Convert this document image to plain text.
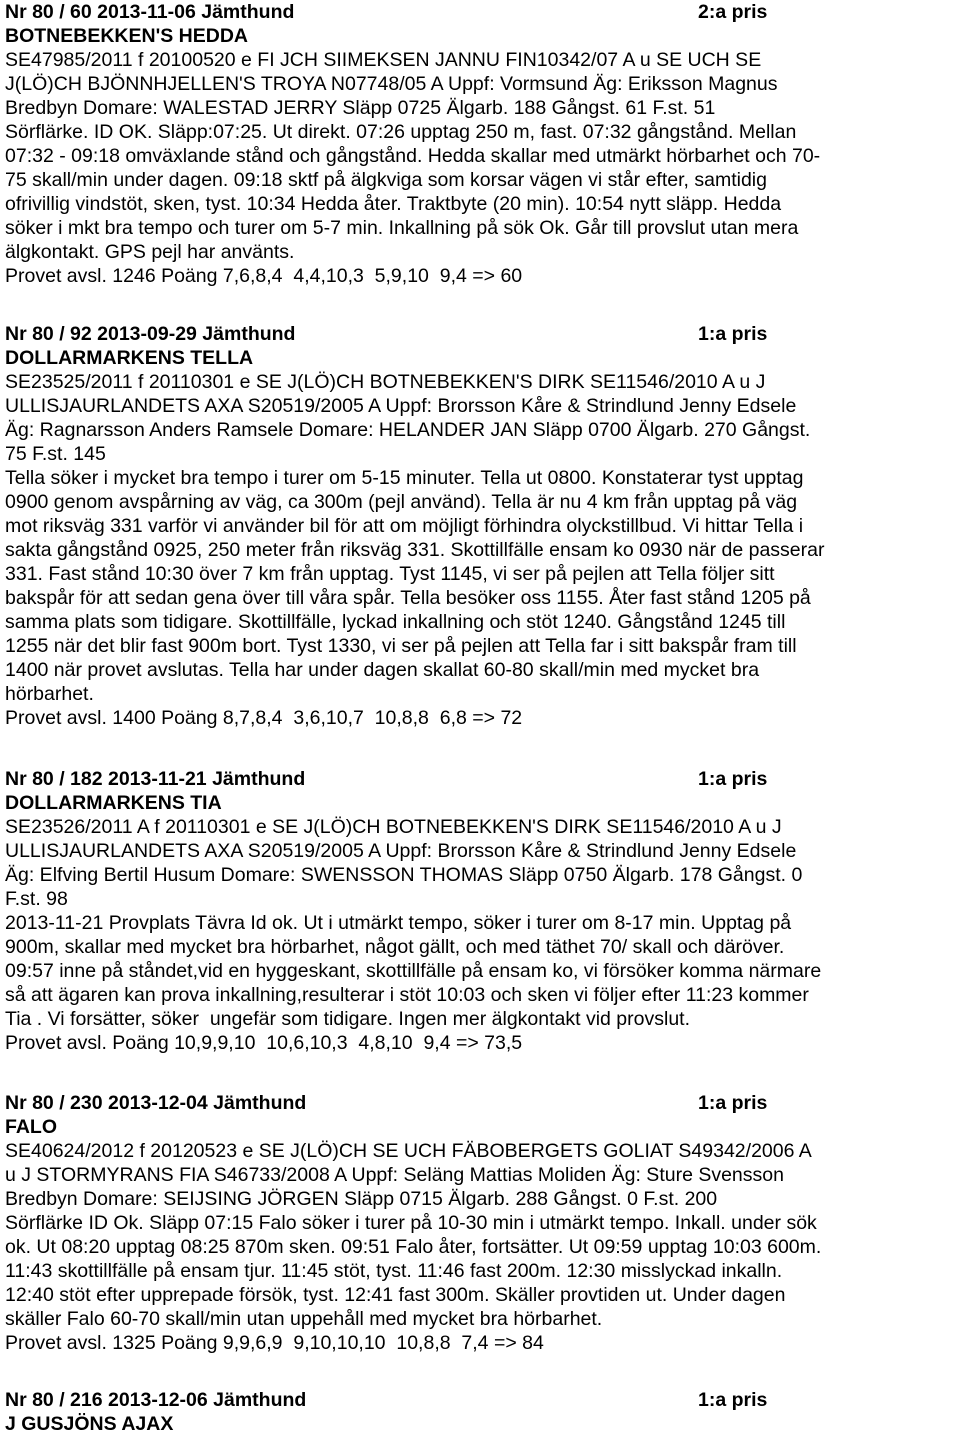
Nr 80 / 60 2013-11-06 Jämthund	2:a pris
BOTNEBEKKEN'S HEDDA
SE47985/2011 f 20100520 e FI JCH SIIMEKSEN JANNU FIN10342/07 A u SE UCH SE
J(LÖ)CH BJÖNNHJELLEN'S TROYA N07748/05 A Uppf: Vormsund Äg: Eriksson Magnus
Bredbyn Domare: WALESTAD JERRY Släpp 0725 Älgarb. 188 Gångst. 61 F.st. 51
Sörflärke. ID OK. Släpp:07:25. Ut direkt. 07:26 upptag 250 m, fast. 07:32 gångstånd. Mellan
07:32 - 09:18 omväxlande stånd och gångstånd. Hedda skallar med utmärkt hörbarhet och 70-
75 skall/min under dagen. 09:18 sktf på älgkviga som korsar vägen vi står efter, samtidig
ofrivillig vindstöt, sken, tyst. 10:34 Hedda åter. Traktbyte (20 min). 10:54 nytt släpp. Hedda
söker i mkt bra tempo och turer om 5-7 min. Inkallning på sök Ok. Går till provslut utan mera
älgkontakt. GPS pejl har använts.
Provet avsl. 1246 Poäng 7,6,8,4  4,4,10,3  5,9,10  9,4 => 60
Nr 80 / 92 2013-09-29 Jämthund	1:a pris
DOLLARMARKENS TELLA
SE23525/2011 f 20110301 e SE J(LÖ)CH BOTNEBEKKEN'S DIRK SE11546/2010 A u J
ULLISJAURLANDETS AXA S20519/2005 A Uppf: Brorsson Kåre & Strindlund Jenny Edsele
Äg: Ragnarsson Anders Ramsele Domare: HELANDER JAN Släpp 0700 Älgarb. 270 Gångst.
75 F.st. 145
Tella söker i mycket bra tempo i turer om 5-15 minuter. Tella ut 0800. Konstaterar tyst upptag
0900 genom avspårning av väg, ca 300m (pejl använd). Tella är nu 4 km från upptag på väg
mot riksväg 331 varför vi använder bil för att om möjligt förhindra olyckstillbud. Vi hittar Tella i
sakta gångstånd 0925, 250 meter från riksväg 331. Skottillfälle ensam ko 0930 när de passerar
331. Fast stånd 10:30 över 7 km från upptag. Tyst 1145, vi ser på pejlen att Tella följer sitt
bakspår för att sedan gena över till våra spår. Tella besöker oss 1155. Åter fast stånd 1205 på
samma plats som tidigare. Skottillfälle, lyckad inkallning och stöt 1240. Gångstånd 1245 till
1255 när det blir fast 900m bort. Tyst 1330, vi ser på pejlen att Tella far i sitt bakspår fram till
1400 när provet avslutas. Tella har under dagen skallat 60-80 skall/min med mycket bra
hörbarhet.
Provet avsl. 1400 Poäng 8,7,8,4  3,6,10,7  10,8,8  6,8 => 72
Nr 80 / 182 2013-11-21 Jämthund	1:a pris
DOLLARMARKENS TIA
SE23526/2011 A f 20110301 e SE J(LÖ)CH BOTNEBEKKEN'S DIRK SE11546/2010 A u J
ULLISJAURLANDETS AXA S20519/2005 A Uppf: Brorsson Kåre & Strindlund Jenny Edsele
Äg: Elfving Bertil Husum Domare: SWENSSON THOMAS Släpp 0750 Älgarb. 178 Gångst. 0
F.st. 98
2013-11-21 Provplats Tävra Id ok. Ut i utmärkt tempo, söker i turer om 8-17 min. Upptag på
900m, skallar med mycket bra hörbarhet, något gällt, och med täthet 70/ skall och däröver.
09:57 inne på ståndet,vid en hyggeskant, skottillfälle på ensam ko, vi försöker komma närmare
så att ägaren kan prova inkallning,resulterar i stöt 10:03 och sken vi följer efter 11:23 kommer
Tia . Vi forsätter, söker  ungefär som tidigare. Ingen mer älgkontakt vid provslut.
Provet avsl. Poäng 10,9,9,10  10,6,10,3  4,8,10  9,4 => 73,5
Nr 80 / 230 2013-12-04 Jämthund	1:a pris
FALO
SE40624/2012 f 20120523 e SE J(LÖ)CH SE UCH FÄBOBERGETS GOLIAT S49342/2006 A
u J STORMYRANS FIA S46733/2008 A Uppf: Seläng Mattias Moliden Äg: Sture Svensson
Bredbyn Domare: SEIJSING JÖRGEN Släpp 0715 Älgarb. 288 Gångst. 0 F.st. 200
Sörflärke ID Ok. Släpp 07:15 Falo söker i turer på 10-30 min i utmärkt tempo. Inkall. under sök
ok. Ut 08:20 upptag 08:25 870m sken. 09:51 Falo åter, fortsätter. Ut 09:59 upptag 10:03 600m.
11:43 skottillfälle på ensam tjur. 11:45 stöt, tyst. 11:46 fast 200m. 12:30 misslyckad inkalln.
12:40 stöt efter upprepade försök, tyst. 12:41 fast 300m. Skäller provtiden ut. Under dagen
skäller Falo 60-70 skall/min utan uppehåll med mycket bra hörbarhet.
Provet avsl. 1325 Poäng 9,9,6,9  9,10,10,10  10,8,8  7,4 => 84
Nr 80 / 216 2013-12-06 Jämthund	1:a pris
J GUSJÖNS AJAX
